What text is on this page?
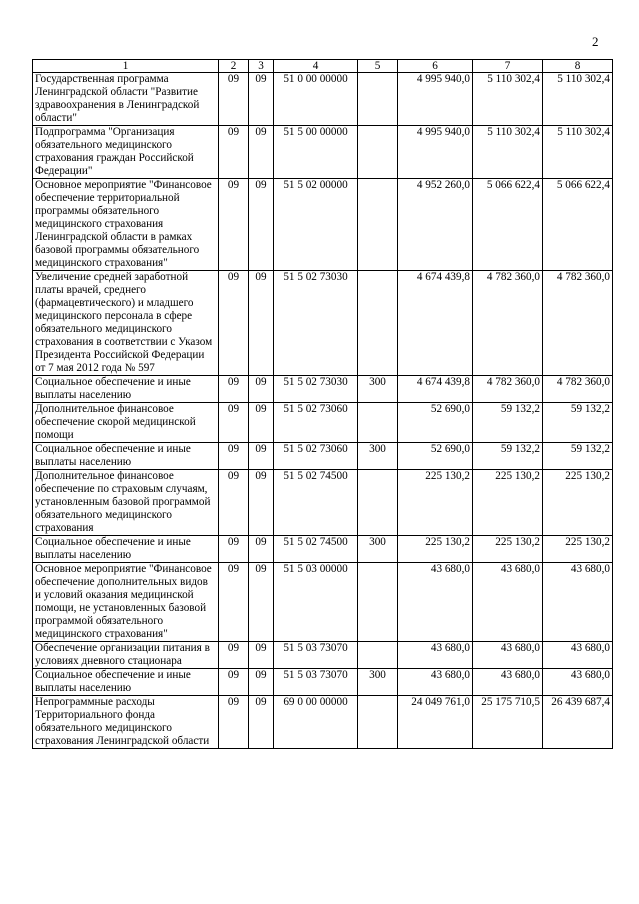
2
1	2	3	4	5	6	7	8
Государственная программа Ленинградской области "Развитие здравоохранения в Ленинградской области"	09	09	51 0 00 00000		4 995 940,0	5 110 302,4	5 110 302,4
Подпрограмма "Организация обязательного медицинского страхования граждан Российской Федерации"	09	09	51 5 00 00000		4 995 940,0	5 110 302,4	5 110 302,4
Основное мероприятие "Финансовое обеспечение территориальной программы обязательного медицинского страхования Ленинградской области в рамках базовой программы обязательного медицинского страхования"	09	09	51 5 02 00000		4 952 260,0	5 066 622,4	5 066 622,4
Увеличение средней заработной платы врачей, среднего (фармацевтического) и младшего медицинского персонала в сфере обязательного медицинского страхования в соответствии с Указом Президента Российской Федерации от 7 мая 2012 года № 597	09	09	51 5 02 73030		4 674 439,8	4 782 360,0	4 782 360,0
Социальное обеспечение и иные выплаты населению	09	09	51 5 02 73030	300	4 674 439,8	4 782 360,0	4 782 360,0
Дополнительное финансовое обеспечение скорой медицинской помощи	09	09	51 5 02 73060		52 690,0	59 132,2	59 132,2
Социальное обеспечение и иные выплаты населению	09	09	51 5 02 73060	300	52 690,0	59 132,2	59 132,2
Дополнительное финансовое обеспечение по страховым случаям, установленным базовой программой обязательного медицинского страхования	09	09	51 5 02 74500		225 130,2	225 130,2	225 130,2
Социальное обеспечение и иные выплаты населению	09	09	51 5 02 74500	300	225 130,2	225 130,2	225 130,2
Основное мероприятие "Финансовое обеспечение дополнительных видов и условий оказания медицинской помощи, не установленных базовой программой обязательного медицинского страхования"	09	09	51 5 03 00000		43 680,0	43 680,0	43 680,0
Обеспечение организации питания в условиях дневного стационара	09	09	51 5 03 73070		43 680,0	43 680,0	43 680,0
Социальное обеспечение и иные выплаты населению	09	09	51 5 03 73070	300	43 680,0	43 680,0	43 680,0
Непрограммные расходы Территориального фонда обязательного медицинского страхования Ленинградской области	09	09	69 0 00 00000		24 049 761,0	25 175 710,5	26 439 687,4
